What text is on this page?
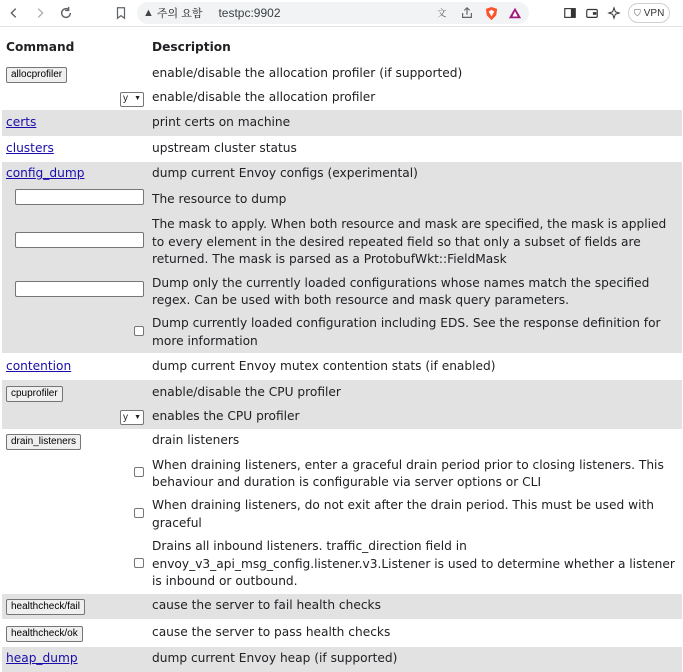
▲ 주의 요함 testpc:9902	文	⛉ VPN
Command	Description
allocprofiler	enable/disable the allocation profiler (if supported)

y ▼	enable/disable the allocation profiler
certs	print certs on machine
clusters	upstream cluster status
config_dump	dump current Envoy configs (experimental)
	The resource to dump
	The mask to apply. When both resource and mask are specified, the mask is applied to every element in the desired repeated field so that only a subset of fields are returned. The mask is parsed as a ProtobufWkt::FieldMask
	Dump only the currently loaded configurations whose names match the specified regex. Can be used with both resource and mask query parameters.
	Dump currently loaded configuration including EDS. See the response definition for more information
contention	dump current Envoy mutex contention stats (if enabled)
cpuprofiler	enable/disable the CPU profiler

y ▼	enables the CPU profiler
drain_listeners	drain listeners
	When draining listeners, enter a graceful drain period prior to closing listeners. This behaviour and duration is configurable via server options or CLI
	When draining listeners, do not exit after the drain period. This must be used with graceful
	Drains all inbound listeners. traffic_direction field in envoy_v3_api_msg_config.listener.v3.Listener is used to determine whether a listener is inbound or outbound.
healthcheck/fail	cause the server to fail health checks
healthcheck/ok	cause the server to pass health checks
heap_dump	dump current Envoy heap (if supported)
